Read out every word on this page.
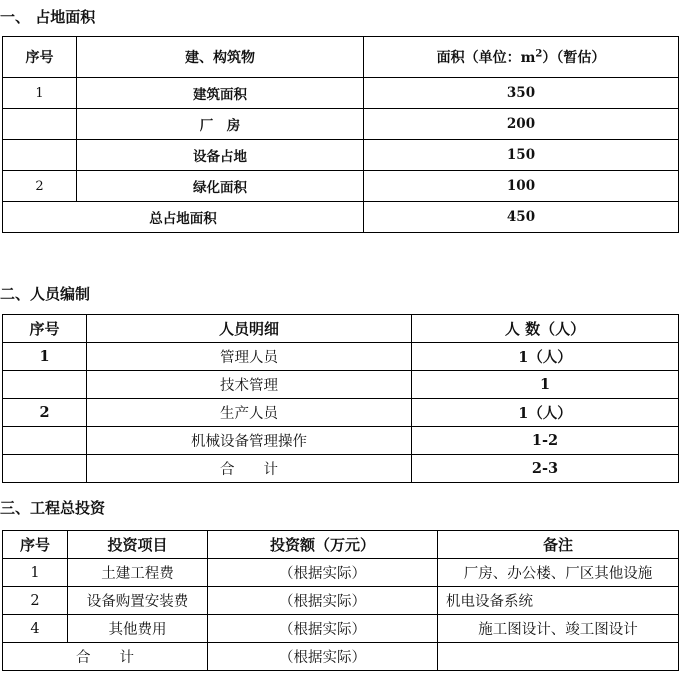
一、 占地面积
序号	建、构筑物	面积（单位：$m^2$）（暂估）
1	建筑面积	350
	厂　房	200
	设备占地	150
2	绿化面积	100
总占地面积		450
二、人员编制
序号	人员明细	人 数（人）
1	管理人员	1（人）
	技术管理	1
2	生产人员	1（人）
	机械设备管理操作	1-2
	合　　计	2-3
三、工程总投资
序号	投资项目	投资额（万元）	备注
1	土建工程费	（根据实际）	厂房、办公楼、厂区其他设施
2	设备购置安装费	（根据实际）	机电设备系统
4	其他费用	（根据实际）	施工图设计、竣工图设计
合　　计		（根据实际）	
